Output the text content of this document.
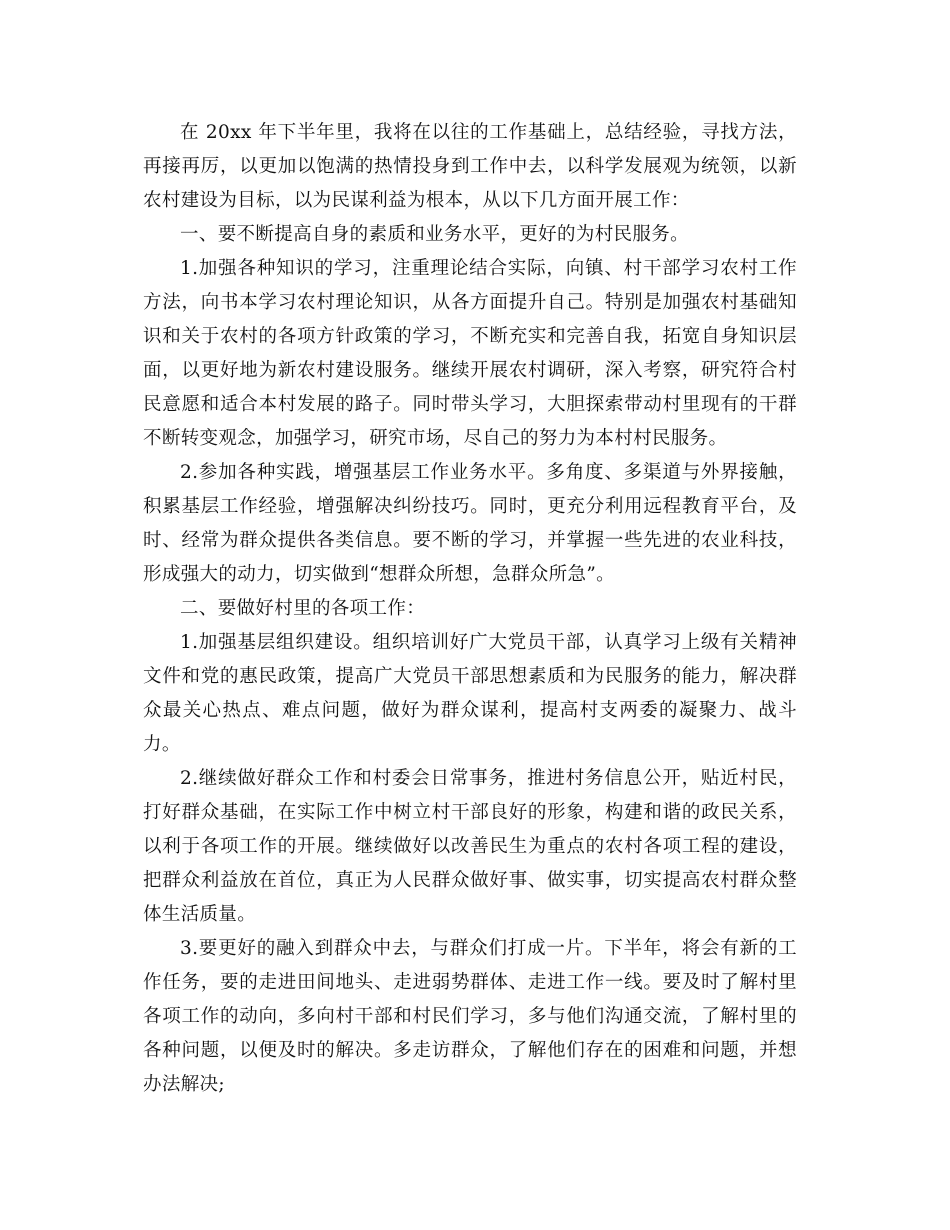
在 20xx 年下半年里，我将在以往的工作基础上，总结经验，寻找方法，再接再厉，以更加以饱满的热情投身到工作中去，以科学发展观为统领，以新农村建设为目标，以为民谋利益为根本，从以下几方面开展工作：

一、要不断提高自身的素质和业务水平，更好的为村民服务。

1.加强各种知识的学习，注重理论结合实际，向镇、村干部学习农村工作方法，向书本学习农村理论知识，从各方面提升自己。特别是加强农村基础知识和关于农村的各项方针政策的学习，不断充实和完善自我，拓宽自身知识层面，以更好地为新农村建设服务。继续开展农村调研，深入考察，研究符合村民意愿和适合本村发展的路子。同时带头学习，大胆探索带动村里现有的干群不断转变观念，加强学习，研究市场，尽自己的努力为本村村民服务。

2.参加各种实践，增强基层工作业务水平。多角度、多渠道与外界接触，积累基层工作经验，增强解决纠纷技巧。同时，更充分利用远程教育平台，及时、经常为群众提供各类信息。要不断的学习，并掌握一些先进的农业科技，形成强大的动力，切实做到“想群众所想，急群众所急”。

二、要做好村里的各项工作：

1.加强基层组织建设。组织培训好广大党员干部，认真学习上级有关精神文件和党的惠民政策，提高广大党员干部思想素质和为民服务的能力，解决群众最关心热点、难点问题，做好为群众谋利，提高村支两委的凝聚力、战斗力。

2.继续做好群众工作和村委会日常事务，推进村务信息公开，贴近村民，打好群众基础，在实际工作中树立村干部良好的形象，构建和谐的政民关系，以利于各项工作的开展。继续做好以改善民生为重点的农村各项工程的建设，把群众利益放在首位，真正为人民群众做好事、做实事，切实提高农村群众整体生活质量。

3.要更好的融入到群众中去，与群众们打成一片。下半年，将会有新的工作任务，要的走进田间地头、走进弱势群体、走进工作一线。要及时了解村里各项工作的动向，多向村干部和村民们学习，多与他们沟通交流，了解村里的各种问题，以便及时的解决。多走访群众，了解他们存在的困难和问题，并想办法解决;
